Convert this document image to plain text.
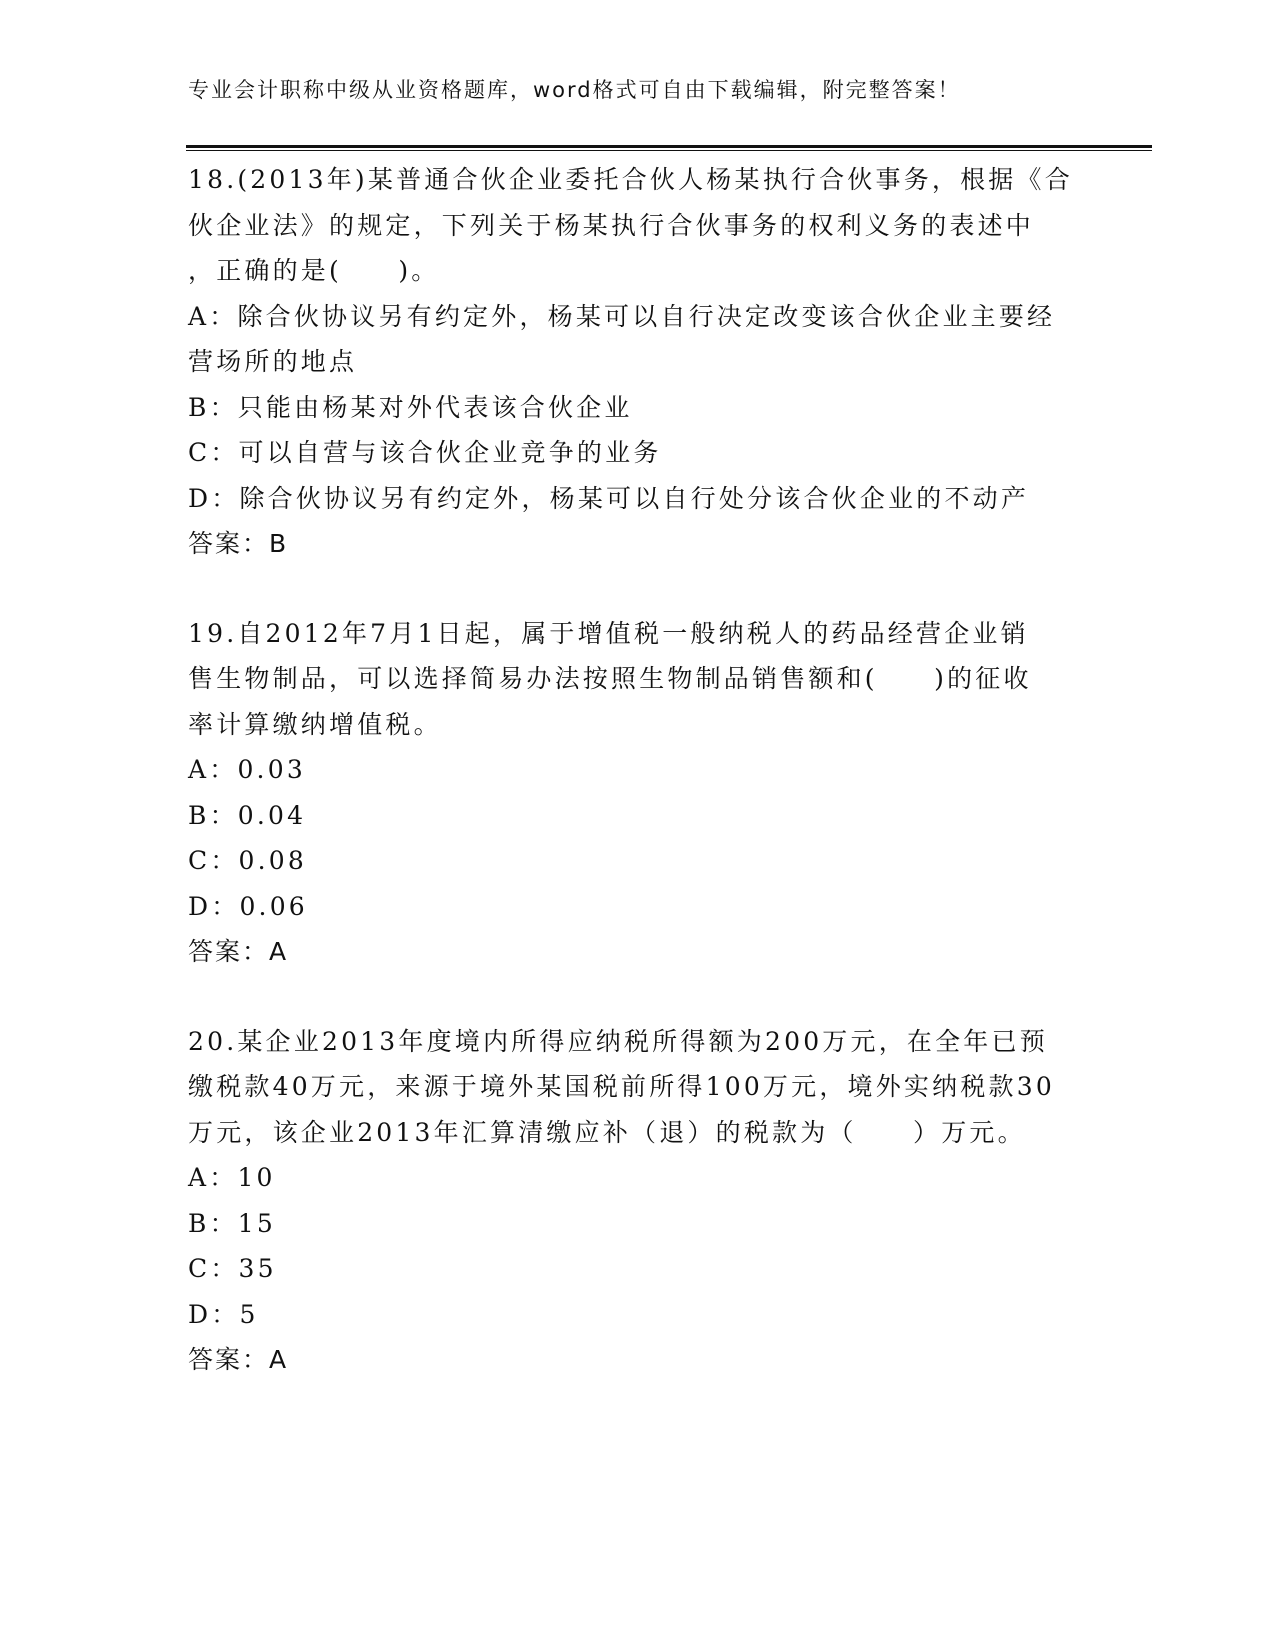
专业会计职称中级从业资格题库，word格式可自由下载编辑，附完整答案！
18.(2013年)某普通合伙企业委托合伙人杨某执行合伙事务，根据《合
伙企业法》的规定，下列关于杨某执行合伙事务的权利义务的表述中
，正确的是(　　)。
A：除合伙协议另有约定外，杨某可以自行决定改变该合伙企业主要经
营场所的地点
B：只能由杨某对外代表该合伙企业
C：可以自营与该合伙企业竞争的业务
D：除合伙协议另有约定外，杨某可以自行处分该合伙企业的不动产
答案：B
19.自2012年7月1日起，属于增值税一般纳税人的药品经营企业销
售生物制品，可以选择简易办法按照生物制品销售额和(　　)的征收
率计算缴纳增值税。
A：0.03
B：0.04
C：0.08
D：0.06
答案：A
20.某企业2013年度境内所得应纳税所得额为200万元，在全年已预
缴税款40万元，来源于境外某国税前所得100万元，境外实纳税款30
万元，该企业2013年汇算清缴应补（退）的税款为（　　）万元。
A：10
B：15
C：35
D：5
答案：A
